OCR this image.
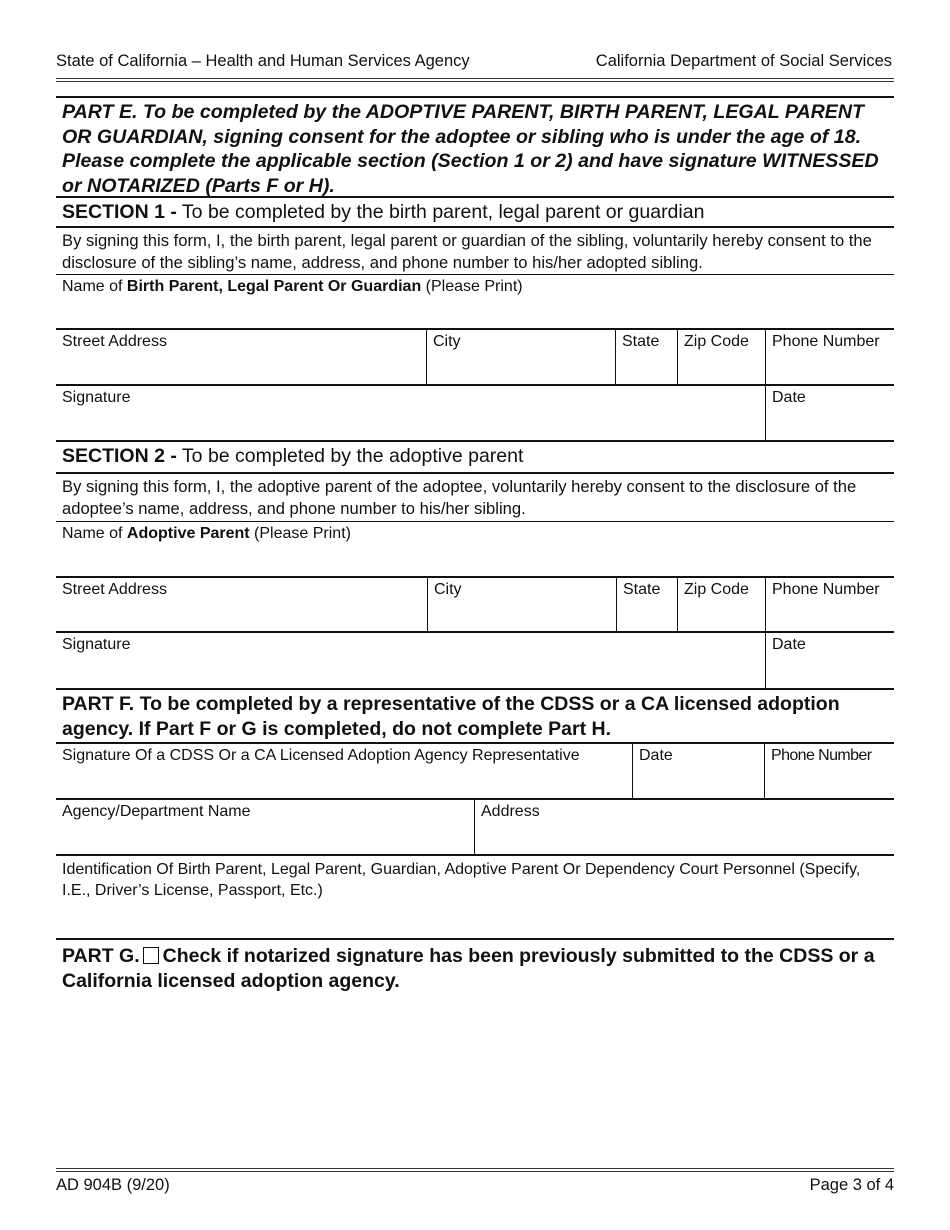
State of California – Health and Human Services Agency	California Department of Social Services
PART E. To be completed by the ADOPTIVE PARENT, BIRTH PARENT, LEGAL PARENT OR GUARDIAN, signing consent for the adoptee or sibling who is under the age of 18. Please complete the applicable section (Section 1 or 2) and have signature WITNESSED or NOTARIZED (Parts F or H).
SECTION 1 - To be completed by the birth parent, legal parent or guardian
By signing this form, I, the birth parent, legal parent or guardian of the sibling, voluntarily hereby consent to the disclosure of the sibling’s name, address, and phone number to his/her adopted sibling.
Name of Birth Parent, Legal Parent Or Guardian (Please Print)
Street Address	City	State	Zip Code	Phone Number
Signature	Date
SECTION 2 - To be completed by the adoptive parent
By signing this form, I, the adoptive parent of the adoptee, voluntarily hereby consent to the disclosure of the adoptee’s name, address, and phone number to his/her sibling.
Name of Adoptive Parent (Please Print)
Street Address	City	State	Zip Code	Phone Number
Signature	Date
PART F. To be completed by a representative of the CDSS or a CA licensed adoption agency. If Part F or G is completed, do not complete Part H.
Signature Of a CDSS Or a CA Licensed Adoption Agency Representative	Date	Phone Number
Agency/Department Name	Address
Identification Of Birth Parent, Legal Parent, Guardian, Adoptive Parent Or Dependency Court Personnel (Specify, I.E., Driver’s License, Passport, Etc.)
PART G. Check if notarized signature has been previously submitted to the CDSS or a California licensed adoption agency.
AD 904B (9/20)	Page 3 of 4
